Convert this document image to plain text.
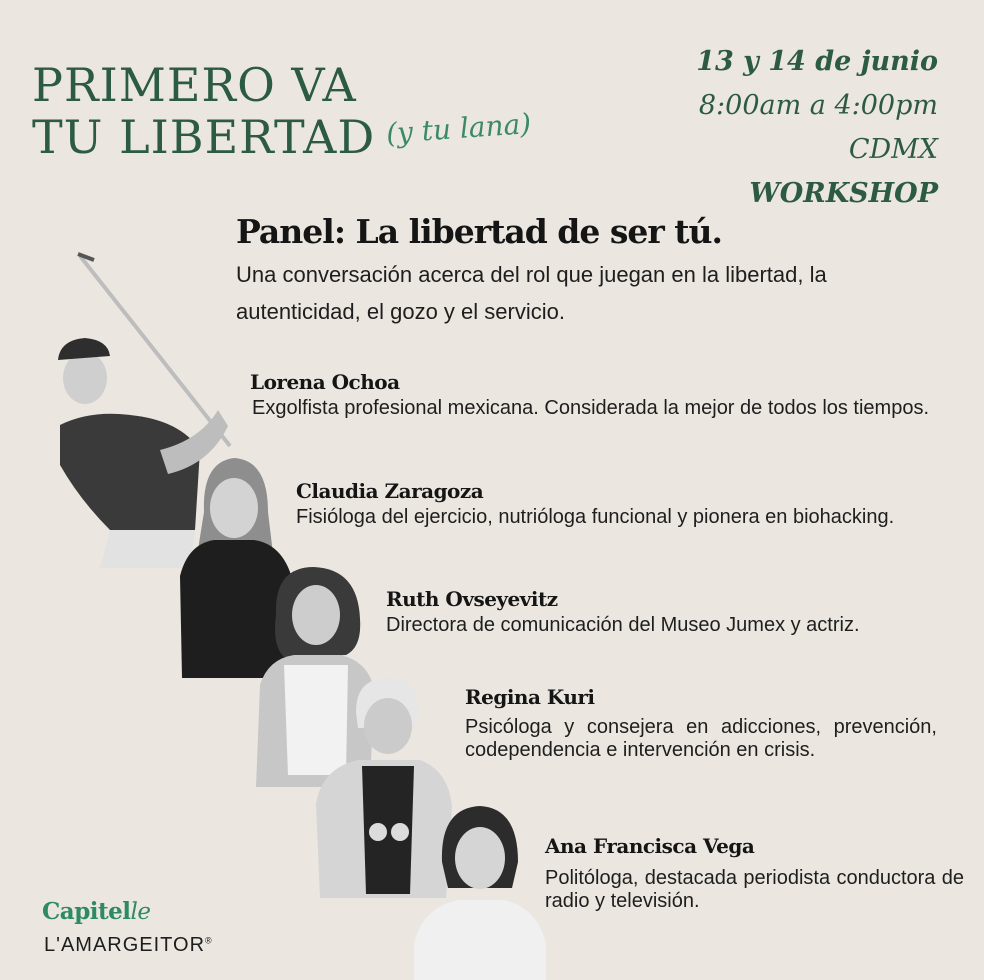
PRIMERO VA
TU LIBERTAD (y tu lana)
13 y 14 de junio
8:00am a 4:00pm
CDMX
WORKSHOP
Panel: La libertad de ser tú.
Una conversación acerca del rol que juegan en la libertad, la autenticidad, el gozo y el servicio.
Lorena Ochoa
Exgolfista profesional mexicana. Considerada la mejor de todos los tiempos.
Claudia Zaragoza
Fisióloga del ejercicio, nutrióloga funcional y pionera en biohacking.
Ruth Ovseyevitz
Directora de comunicación del Museo Jumex y actriz.
Regina Kuri
Psicóloga y consejera en adicciones, prevención, codependencia e intervención en crisis.
Ana Francisca Vega
Politóloga, destacada periodista conductora de radio y televisión.
Capitelle
L'AMARGEITOR®
